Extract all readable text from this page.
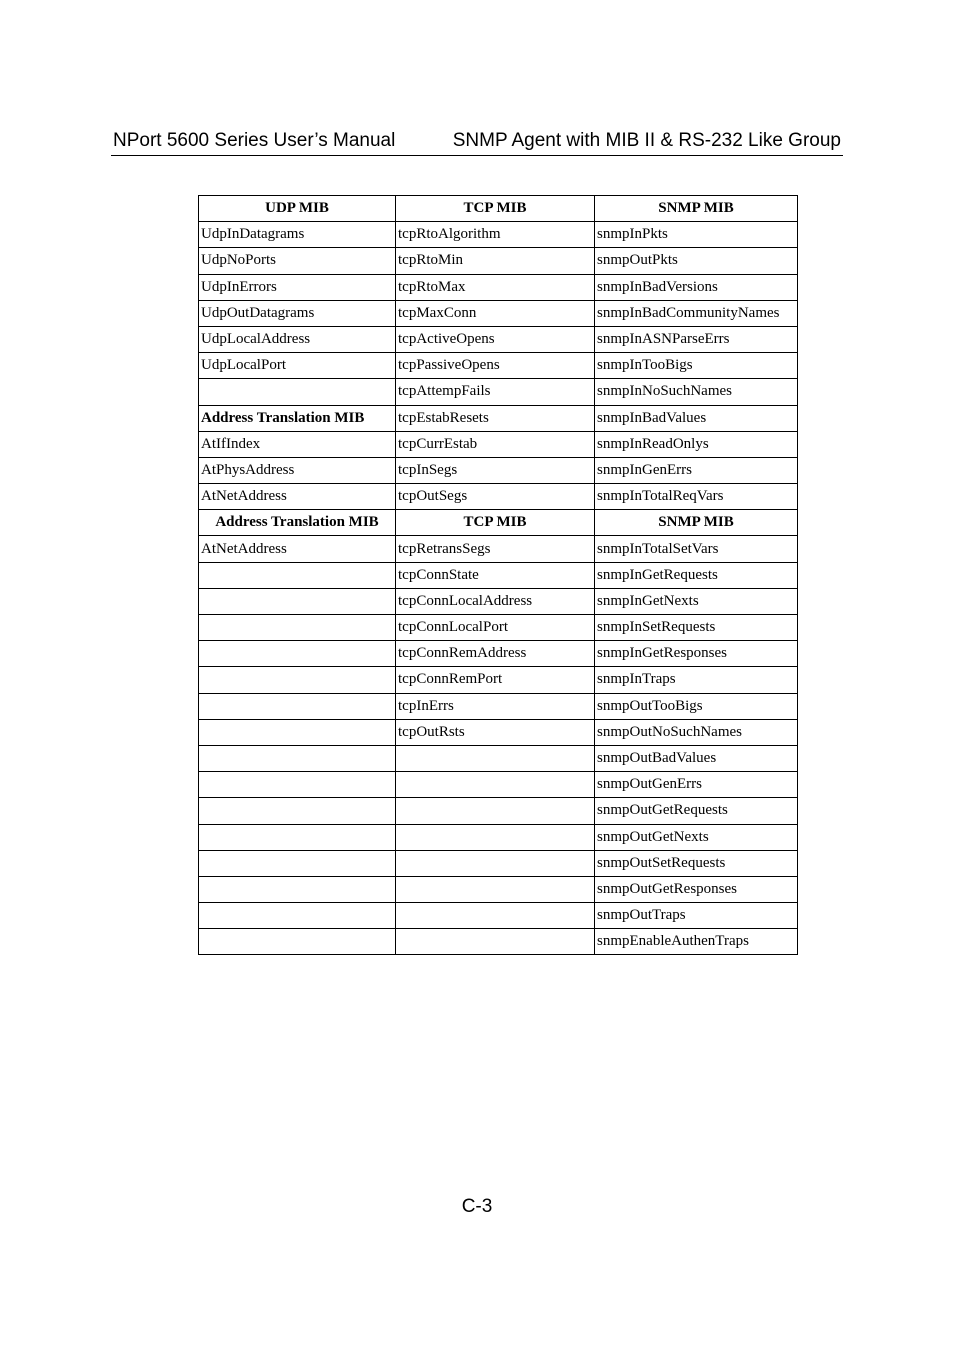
NPort 5600 Series User’s Manual	SNMP Agent with MIB II & RS-232 Like Group
UDP MIB	TCP MIB	SNMP MIB
UdpInDatagrams	tcpRtoAlgorithm	snmpInPkts
UdpNoPorts	tcpRtoMin	snmpOutPkts
UdpInErrors	tcpRtoMax	snmpInBadVersions
UdpOutDatagrams	tcpMaxConn	snmpInBadCommunityNames
UdpLocalAddress	tcpActiveOpens	snmpInASNParseErrs
UdpLocalPort	tcpPassiveOpens	snmpInTooBigs
	tcpAttempFails	snmpInNoSuchNames
Address Translation MIB	tcpEstabResets	snmpInBadValues
AtIfIndex	tcpCurrEstab	snmpInReadOnlys
AtPhysAddress	tcpInSegs	snmpInGenErrs
AtNetAddress	tcpOutSegs	snmpInTotalReqVars
Address Translation MIB	TCP MIB	SNMP MIB
AtNetAddress	tcpRetransSegs	snmpInTotalSetVars
	tcpConnState	snmpInGetRequests
	tcpConnLocalAddress	snmpInGetNexts
	tcpConnLocalPort	snmpInSetRequests
	tcpConnRemAddress	snmpInGetResponses
	tcpConnRemPort	snmpInTraps
	tcpInErrs	snmpOutTooBigs
	tcpOutRsts	snmpOutNoSuchNames
		snmpOutBadValues
		snmpOutGenErrs
		snmpOutGetRequests
		snmpOutGetNexts
		snmpOutSetRequests
		snmpOutGetResponses
		snmpOutTraps
		snmpEnableAuthenTraps
C-3
